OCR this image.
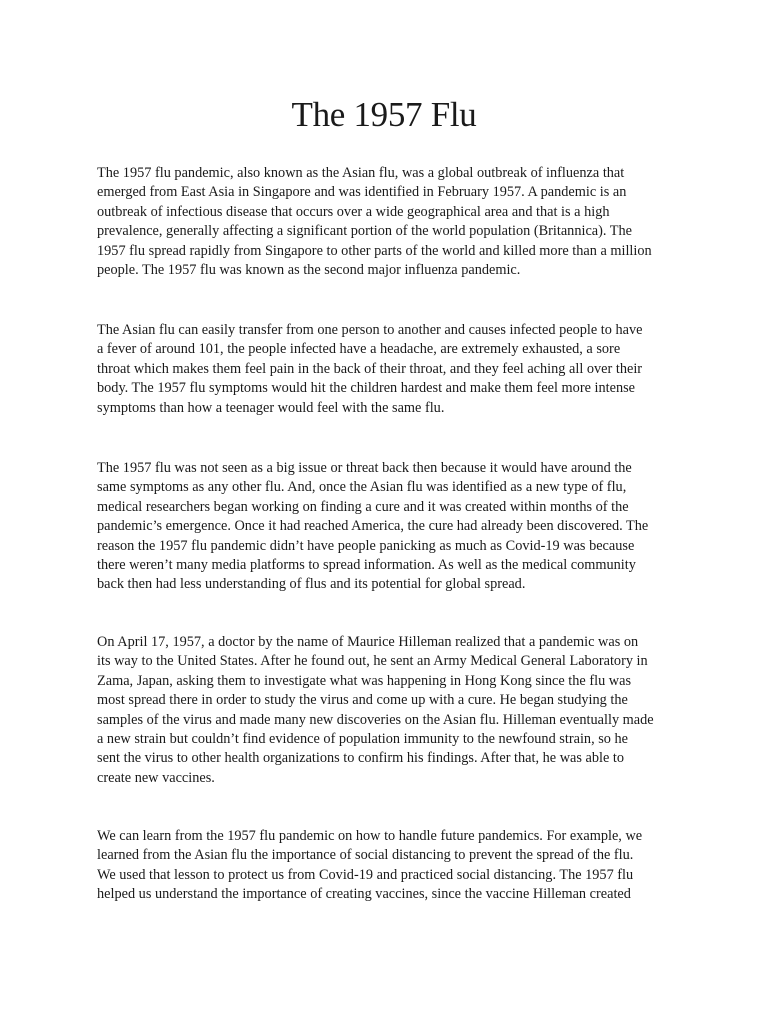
The 1957 Flu

The 1957 flu pandemic, also known as the Asian flu, was a global outbreak of influenza that
emerged from East Asia in Singapore and was identified in February 1957. A pandemic is an
outbreak of infectious disease that occurs over a wide geographical area and that is a high
prevalence, generally affecting a significant portion of the world population (Britannica). The
1957 flu spread rapidly from Singapore to other parts of the world and killed more than a million
people. The 1957 flu was known as the second major influenza pandemic.

The Asian flu can easily transfer from one person to another and causes infected people to have
a fever of around 101, the people infected have a headache, are extremely exhausted, a sore
throat which makes them feel pain in the back of their throat, and they feel aching all over their
body. The 1957 flu symptoms would hit the children hardest and make them feel more intense
symptoms than how a teenager would feel with the same flu.

The 1957 flu was not seen as a big issue or threat back then because it would have around the
same symptoms as any other flu. And, once the Asian flu was identified as a new type of flu,
medical researchers began working on finding a cure and it was created within months of the
pandemic’s emergence. Once it had reached America, the cure had already been discovered. The
reason the 1957 flu pandemic didn’t have people panicking as much as Covid-19 was because
there weren’t many media platforms to spread information. As well as the medical community
back then had less understanding of flus and its potential for global spread.

On April 17, 1957, a doctor by the name of Maurice Hilleman realized that a pandemic was on
its way to the United States. After he found out, he sent an Army Medical General Laboratory in
Zama, Japan, asking them to investigate what was happening in Hong Kong since the flu was
most spread there in order to study the virus and come up with a cure. He began studying the
samples of the virus and made many new discoveries on the Asian flu. Hilleman eventually made
a new strain but couldn’t find evidence of population immunity to the newfound strain, so he
sent the virus to other health organizations to confirm his findings. After that, he was able to
create new vaccines.

We can learn from the 1957 flu pandemic on how to handle future pandemics. For example, we
learned from the Asian flu the importance of social distancing to prevent the spread of the flu.
We used that lesson to protect us from Covid-19 and practiced social distancing. The 1957 flu
helped us understand the importance of creating vaccines, since the vaccine Hilleman created
